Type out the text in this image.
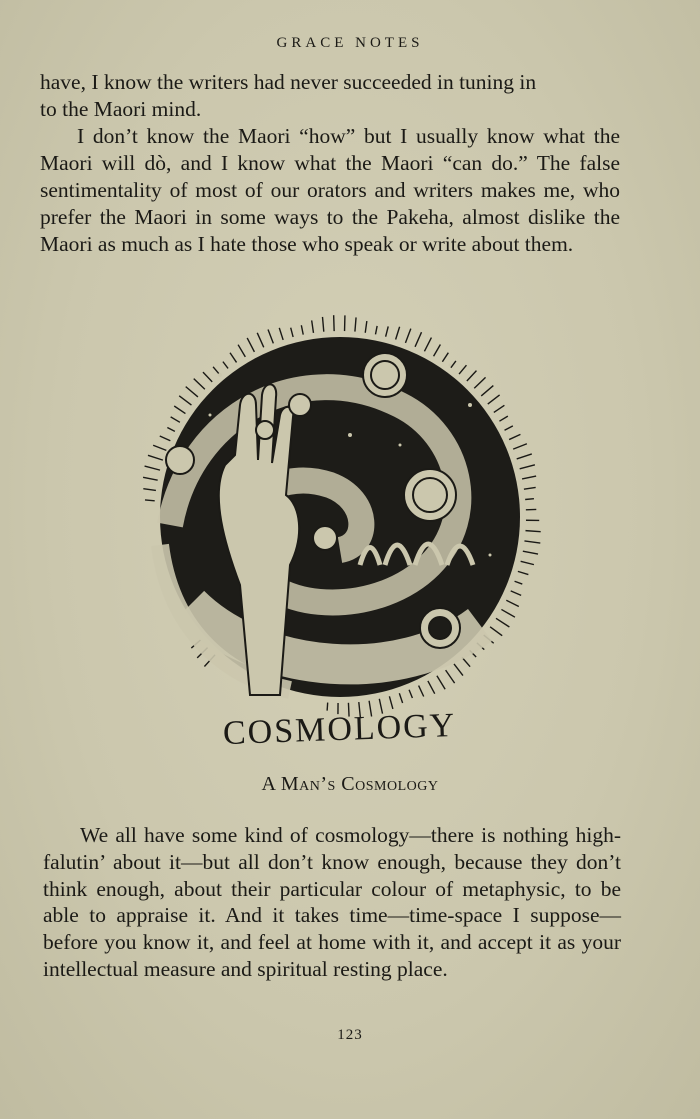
GRACE NOTES
have, I know the writers had never succeeded in tuning in
to the Maori mind.
I don’t know the Maori “how” but I usually know what the Maori will dò, and I know what the Maori “can do.” The false sentimentality of most of our orators and writers makes me, who prefer the Maori in some ways to the Pakeha, almost dislike the Maori as much as I hate those who speak or write about them.
COSMOLOGY
A Man’s Cosmology

We all have some kind of cosmology—there is nothing high-falutin’ about it—but all don’t know enough, because they don’t think enough, about their particular colour of metaphysic, to be able to appraise it. And it takes time—time-space I suppose—before you know it, and feel at home with it, and accept it as your intellectual measure and spiritual resting place.

123
